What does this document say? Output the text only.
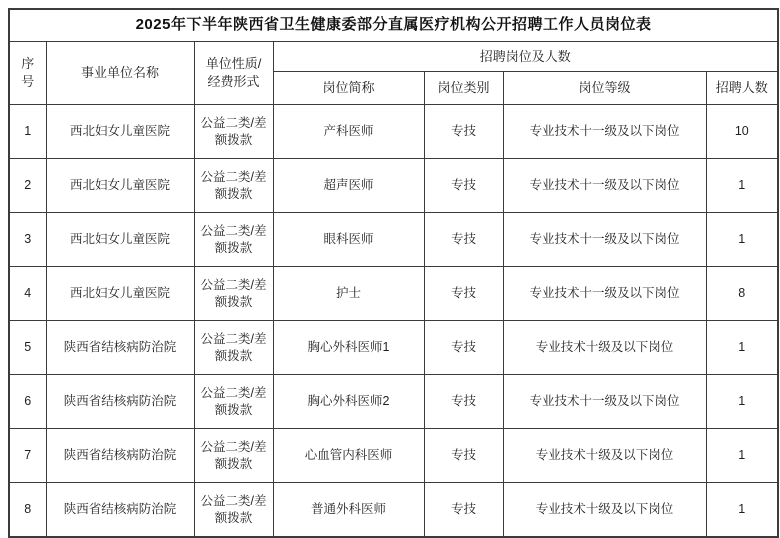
2025年下半年陕西省卫生健康委部分直属医疗机构公开招聘工作人员岗位表						
序号	事业单位名称	单位性质/经费形式	招聘岗位及人数			
			岗位简称	岗位类别	岗位等级	招聘人数
1	西北妇女儿童医院	公益二类/差额拨款	产科医师	专技	专业技术十一级及以下岗位	10
2	西北妇女儿童医院	公益二类/差额拨款	超声医师	专技	专业技术十一级及以下岗位	1
3	西北妇女儿童医院	公益二类/差额拨款	眼科医师	专技	专业技术十一级及以下岗位	1
4	西北妇女儿童医院	公益二类/差额拨款	护士	专技	专业技术十一级及以下岗位	8
5	陕西省结核病防治院	公益二类/差额拨款	胸心外科医师1	专技	专业技术十级及以下岗位	1
6	陕西省结核病防治院	公益二类/差额拨款	胸心外科医师2	专技	专业技术十一级及以下岗位	1
7	陕西省结核病防治院	公益二类/差额拨款	心血管内科医师	专技	专业技术十级及以下岗位	1
8	陕西省结核病防治院	公益二类/差额拨款	普通外科医师	专技	专业技术十级及以下岗位	1
